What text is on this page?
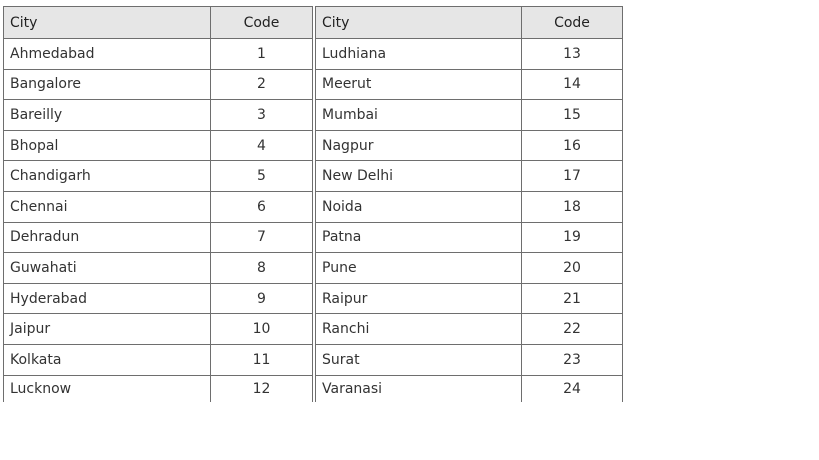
City	Code
Ahmedabad	1
Bangalore	2
Bareilly	3
Bhopal	4
Chandigarh	5
Chennai	6
Dehradun	7
Guwahati	8
Hyderabad	9
Jaipur	10
Kolkata	11
Lucknow	12
City	Code
Ludhiana	13
Meerut	14
Mumbai	15
Nagpur	16
New Delhi	17
Noida	18
Patna	19
Pune	20
Raipur	21
Ranchi	22
Surat	23
Varanasi	24
